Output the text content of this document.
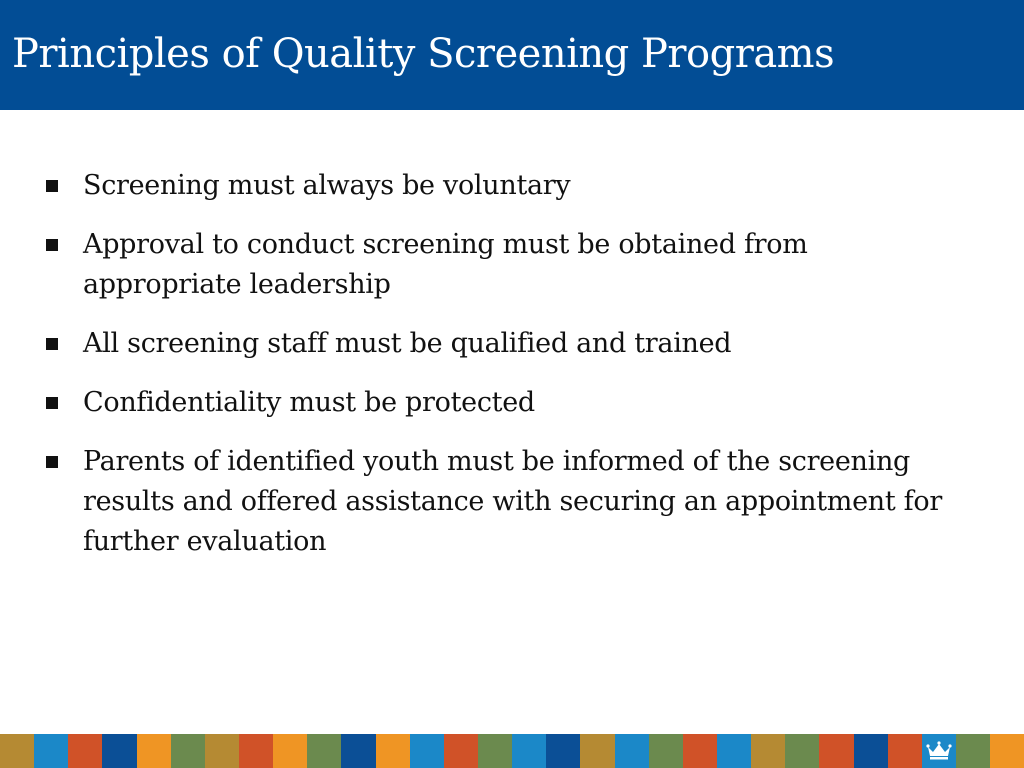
Principles of Quality Screening Programs
Screening must always be voluntary
Approval to conduct screening must be obtained from appropriate leadership
All screening staff must be qualified and trained
Confidentiality must be protected
Parents of identified youth must be informed of the screening results and offered assistance with securing an appointment for further evaluation
